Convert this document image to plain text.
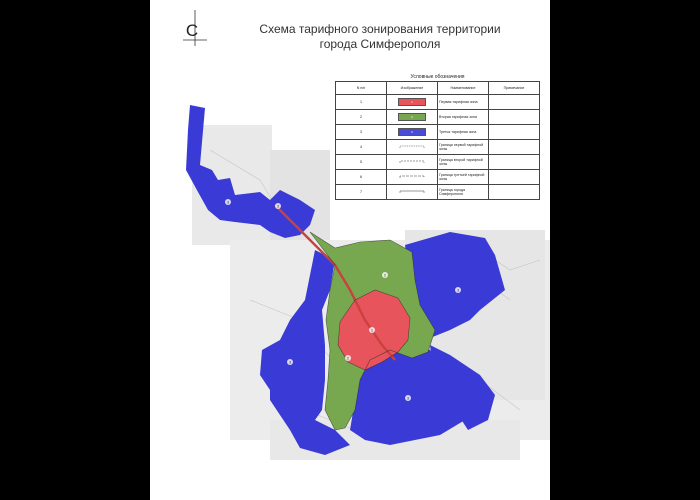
1
2
2
3
3
3
3
3
С	Схема тарифного зонирования территории
города Симферополя
Условные обозначения
N п/п	Изображение	Наименование	Примечание
1	1	Первая тарифная зона	
2	2	Вторая тарифная зона	
3	3	Третья тарифная зона	
4		Граница первой тарифной зоны	
5		Граница второй тарифной зоны	
6		Граница третьей тарифной зоны	
7		Граница города Симферополя	
